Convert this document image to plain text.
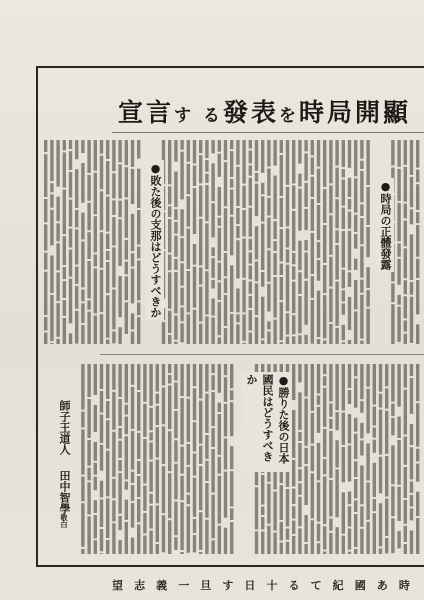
宣言す る發表を時局開顯
●時局の正體發露
●敗た後の支那はどうすべきか
●勝りた後の日本國民はどうすべきか
師子王道人
田中智學敬白
時
あ
國
紀
て
る
十
日
す
旦
一
義
志
望
